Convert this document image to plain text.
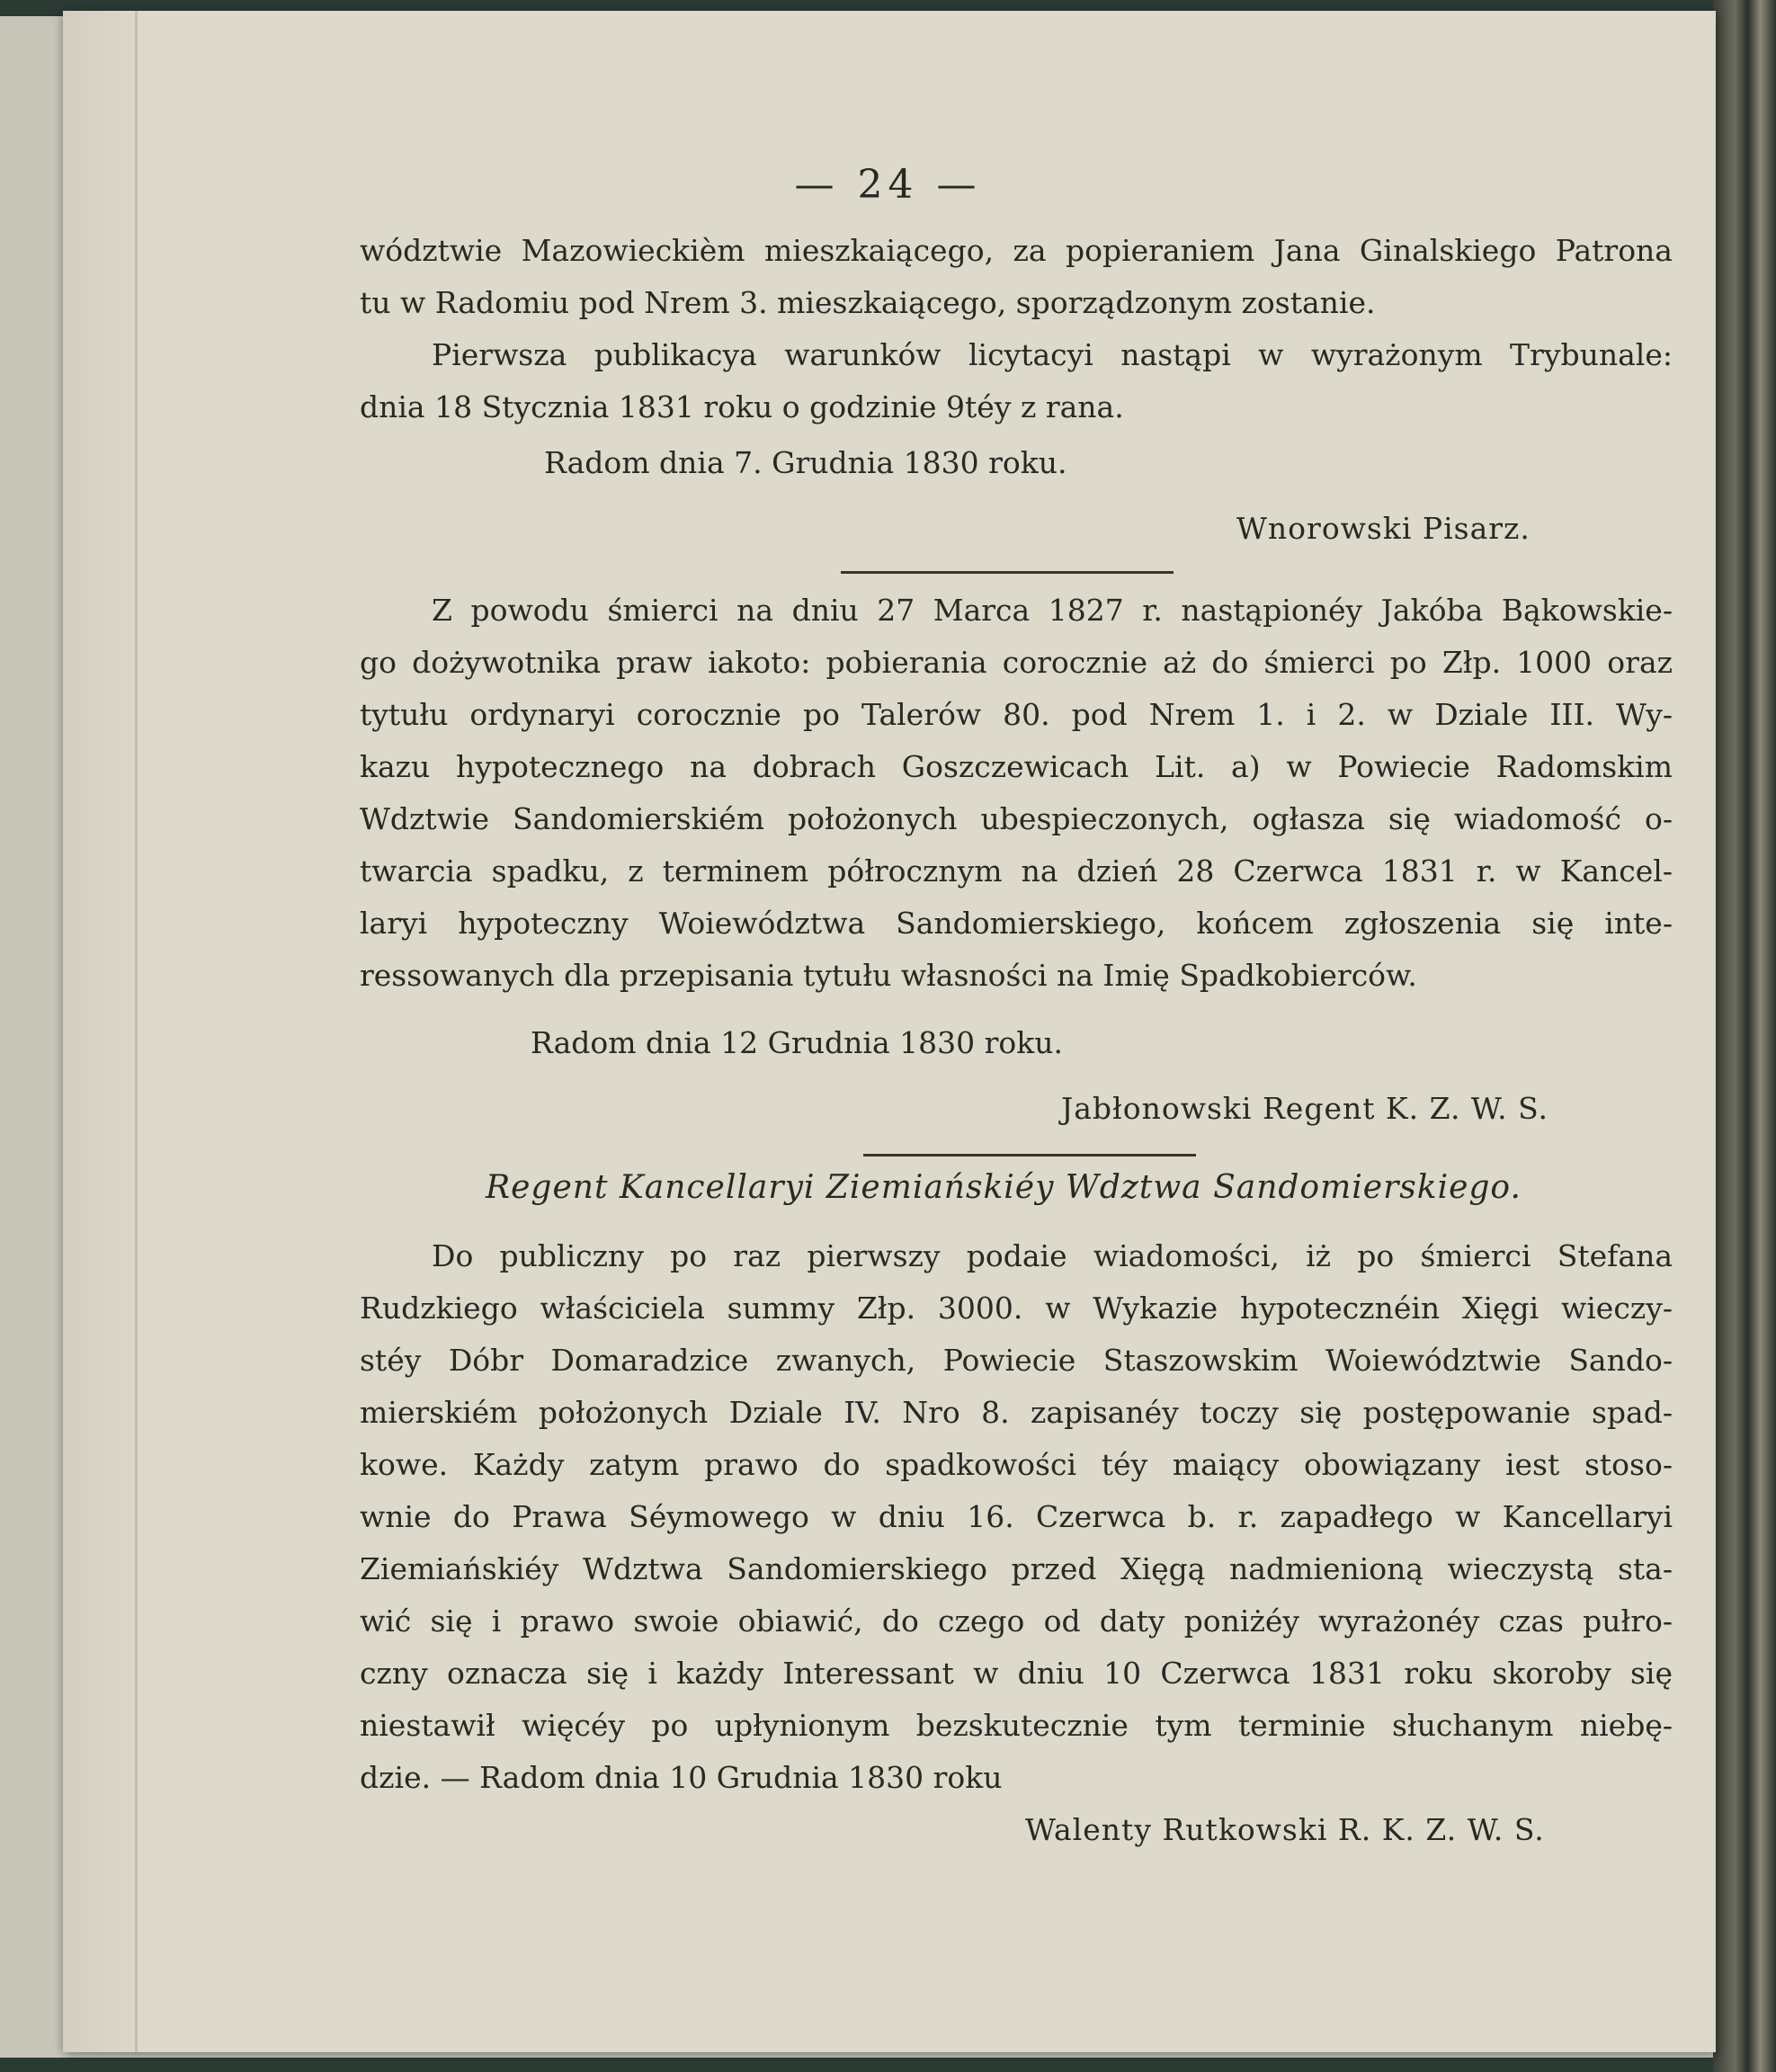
— 24 —
wództwie Mazowieckièm mieszkaiącego, za popieraniem Jana Ginalskiego Patrona
tu w Radomiu pod Nrem 3. mieszkaiącego, sporządzonym zostanie.
Pierwsza publikacya warunków licytacyi nastąpi w wyrażonym Trybunale:
dnia 18 Stycznia 1831 roku o godzinie 9téy z rana.
Radom dnia 7. Grudnia 1830 roku.
Wnorowski Pisarz.
Z powodu śmierci na dniu 27 Marca 1827 r. nastąpionéy Jakóba Bąkowskie-
go dożywotnika praw iakoto: pobierania corocznie aż do śmierci po Złp. 1000 oraz
tytułu ordynaryi corocznie po Talerów 80. pod Nrem 1. i 2. w Dziale III. Wy-
kazu hypotecznego na dobrach Goszczewicach Lit. a) w Powiecie Radomskim
Wdztwie Sandomierskiém położonych ubespieczonych, ogłasza się wiadomość o-
twarcia spadku, z terminem półrocznym na dzień 28 Czerwca 1831 r. w Kancel-
laryi hypoteczny Woiewództwa Sandomierskiego, końcem zgłoszenia się inte-
ressowanych dla przepisania tytułu własności na Imię Spadkobierców.
Radom dnia 12 Grudnia 1830 roku.
Jabłonowski Regent K. Z. W. S.
Regent Kancellaryi Ziemiańskiéy Wdztwa Sandomierskiego.
Do publiczny po raz pierwszy podaie wiadomości, iż po śmierci Stefana
Rudzkiego właściciela summy Złp. 3000. w Wykazie hypotecznéin Xięgi wieczy-
stéy Dóbr Domaradzice zwanych, Powiecie Staszowskim Woiewództwie Sando-
mierskiém położonych Dziale IV. Nro 8. zapisanéy toczy się postępowanie spad-
kowe. Każdy zatym prawo do spadkowości téy maiący obowiązany iest stoso-
wnie do Prawa Séymowego w dniu 16. Czerwca b. r. zapadłego w Kancellaryi
Ziemiańskiéy Wdztwa Sandomierskiego przed Xięgą nadmienioną wieczystą sta-
wić się i prawo swoie obiawić, do czego od daty poniżéy wyrażonéy czas pułro-
czny oznacza się i każdy Interessant w dniu 10 Czerwca 1831 roku skoroby się
niestawił więcéy po upłynionym bezskutecznie tym terminie słuchanym niebę-
dzie. — Radom dnia 10 Grudnia 1830 roku
Walenty Rutkowski R. K. Z. W. S.
